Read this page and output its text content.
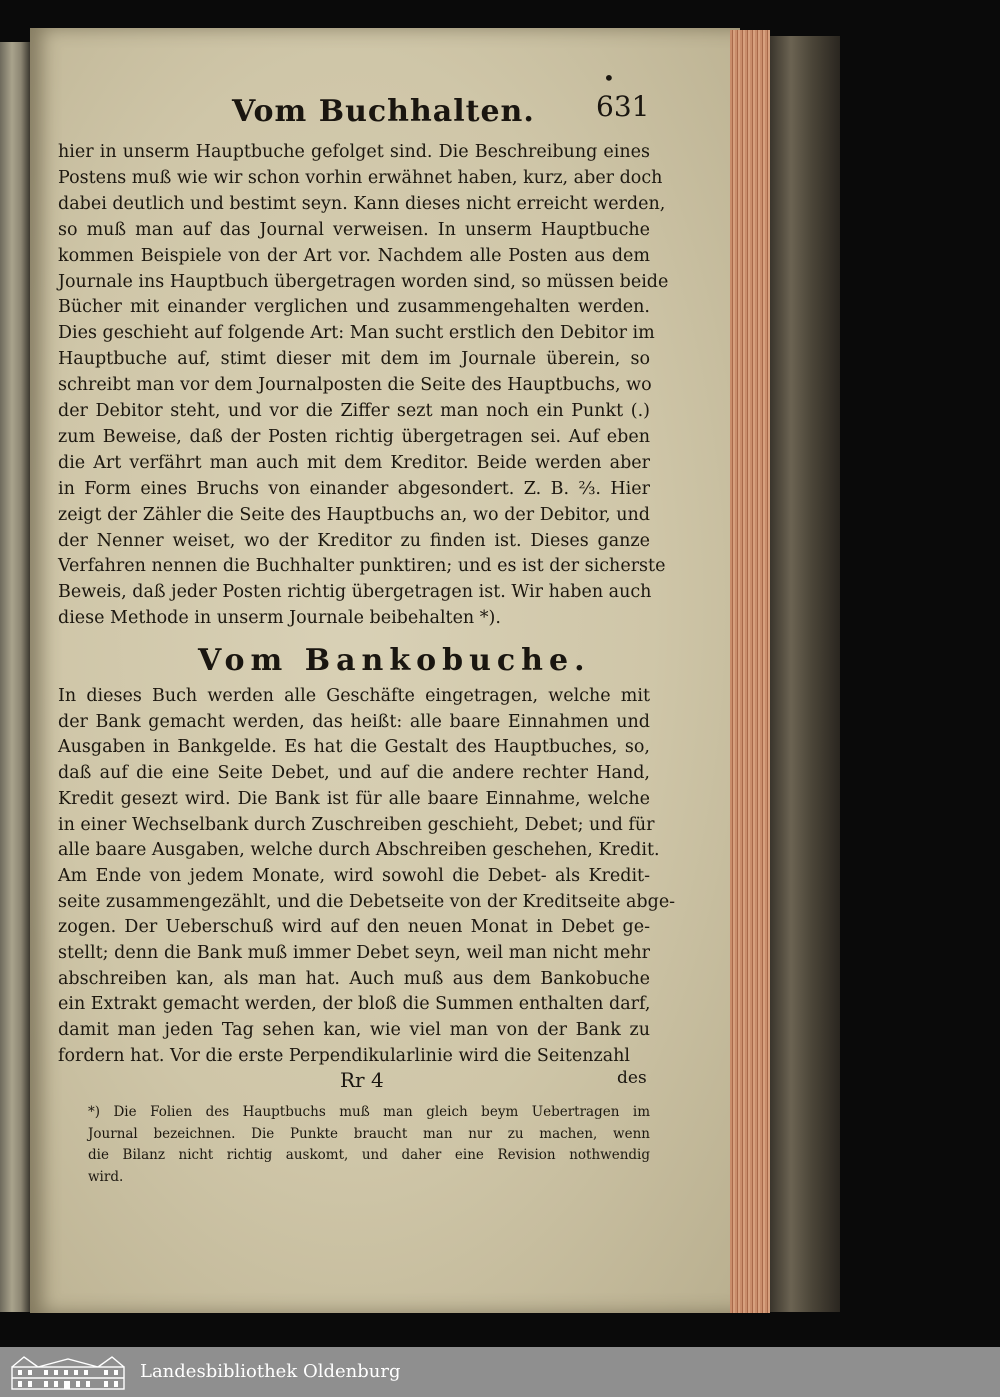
•
Vom Buchhalten. 631
hier in unserm Hauptbuche gefolget sind. Die Beschreibung eines
Postens muß wie wir schon vorhin erwähnet haben, kurz, aber doch
dabei deutlich und bestimt seyn. Kann dieses nicht erreicht werden,
so muß man auf das Journal verweisen. In unserm Hauptbuche
kommen Beispiele von der Art vor. Nachdem alle Posten aus dem
Journale ins Hauptbuch übergetragen worden sind, so müssen beide
Bücher mit einander verglichen und zusammengehalten werden.
Dies geschieht auf folgende Art: Man sucht erstlich den Debitor im
Hauptbuche auf, stimt dieser mit dem im Journale überein, so
schreibt man vor dem Journalposten die Seite des Hauptbuchs, wo
der Debitor steht, und vor die Ziffer sezt man noch ein Punkt (.)
zum Beweise, daß der Posten richtig übergetragen sei. Auf eben
die Art verfährt man auch mit dem Kreditor. Beide werden aber
in Form eines Bruchs von einander abgesondert. Z. B. ⅔. Hier
zeigt der Zähler die Seite des Hauptbuchs an, wo der Debitor, und
der Nenner weiset, wo der Kreditor zu finden ist. Dieses ganze
Verfahren nennen die Buchhalter punktiren; und es ist der sicherste
Beweis, daß jeder Posten richtig übergetragen ist. Wir haben auch
diese Methode in unserm Journale beibehalten *).
Vom Bankobuche.
In dieses Buch werden alle Geschäfte eingetragen, welche mit
der Bank gemacht werden, das heißt: alle baare Einnahmen und
Ausgaben in Bankgelde. Es hat die Gestalt des Hauptbuches, so,
daß auf die eine Seite Debet, und auf die andere rechter Hand,
Kredit gesezt wird. Die Bank ist für alle baare Einnahme, welche
in einer Wechselbank durch Zuschreiben geschieht, Debet; und für
alle baare Ausgaben, welche durch Abschreiben geschehen, Kredit.
Am Ende von jedem Monate, wird sowohl die Debet- als Kredit-
seite zusammengezählt, und die Debetseite von der Kreditseite abge-
zogen. Der Ueberschuß wird auf den neuen Monat in Debet ge-
stellt; denn die Bank muß immer Debet seyn, weil man nicht mehr
abschreiben kan, als man hat. Auch muß aus dem Bankobuche
ein Extrakt gemacht werden, der bloß die Summen enthalten darf,
damit man jeden Tag sehen kan, wie viel man von der Bank zu
fordern hat. Vor die erste Perpendikularlinie wird die Seitenzahl
Rr 4	des
*) Die Folien des Hauptbuchs muß man gleich beym Uebertragen im
Journal bezeichnen. Die Punkte braucht man nur zu machen, wenn
die Bilanz nicht richtig auskomt, und daher eine Revision nothwendig
wird.
Landesbibliothek Oldenburg
